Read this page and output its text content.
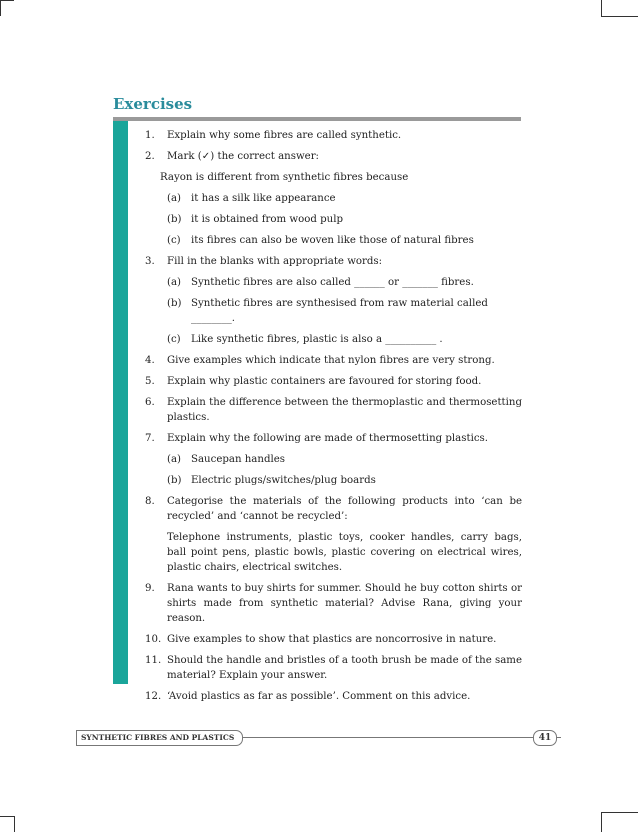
Exercises
1. Explain why some fibres are called synthetic.
2. Mark (✓) the correct answer:
Rayon is different from synthetic fibres because
(a) it has a silk like appearance
(b) it is obtained from wood pulp
(c) its fibres can also be woven like those of natural fibres
3. Fill in the blanks with appropriate words:
(a) Synthetic fibres are also called ______ or _______ fibres.
(b) Synthetic fibres are synthesised from raw material called ________.
(c) Like synthetic fibres, plastic is also a __________ .
4. Give examples which indicate that nylon fibres are very strong.
5. Explain why plastic containers are favoured for storing food.
6. Explain the difference between the thermoplastic and thermosetting plastics.
7. Explain why the following are made of thermosetting plastics.
(a) Saucepan handles
(b) Electric plugs/switches/plug boards
8. Categorise the materials of the following products into ‘can be recycled’ and ‘cannot be recycled’:
Telephone instruments, plastic toys, cooker handles, carry bags, ball point pens, plastic bowls, plastic covering on electrical wires, plastic chairs, electrical switches.
9. Rana wants to buy shirts for summer. Should he buy cotton shirts or shirts made from synthetic material? Advise Rana, giving your reason.
10. Give examples to show that plastics are noncorrosive in nature.
11. Should the handle and bristles of a tooth brush be made of the same material? Explain your answer.
12. ‘Avoid plastics as far as possible’. Comment on this advice.
SYNTHETIC FIBRES AND PLASTICS	41
